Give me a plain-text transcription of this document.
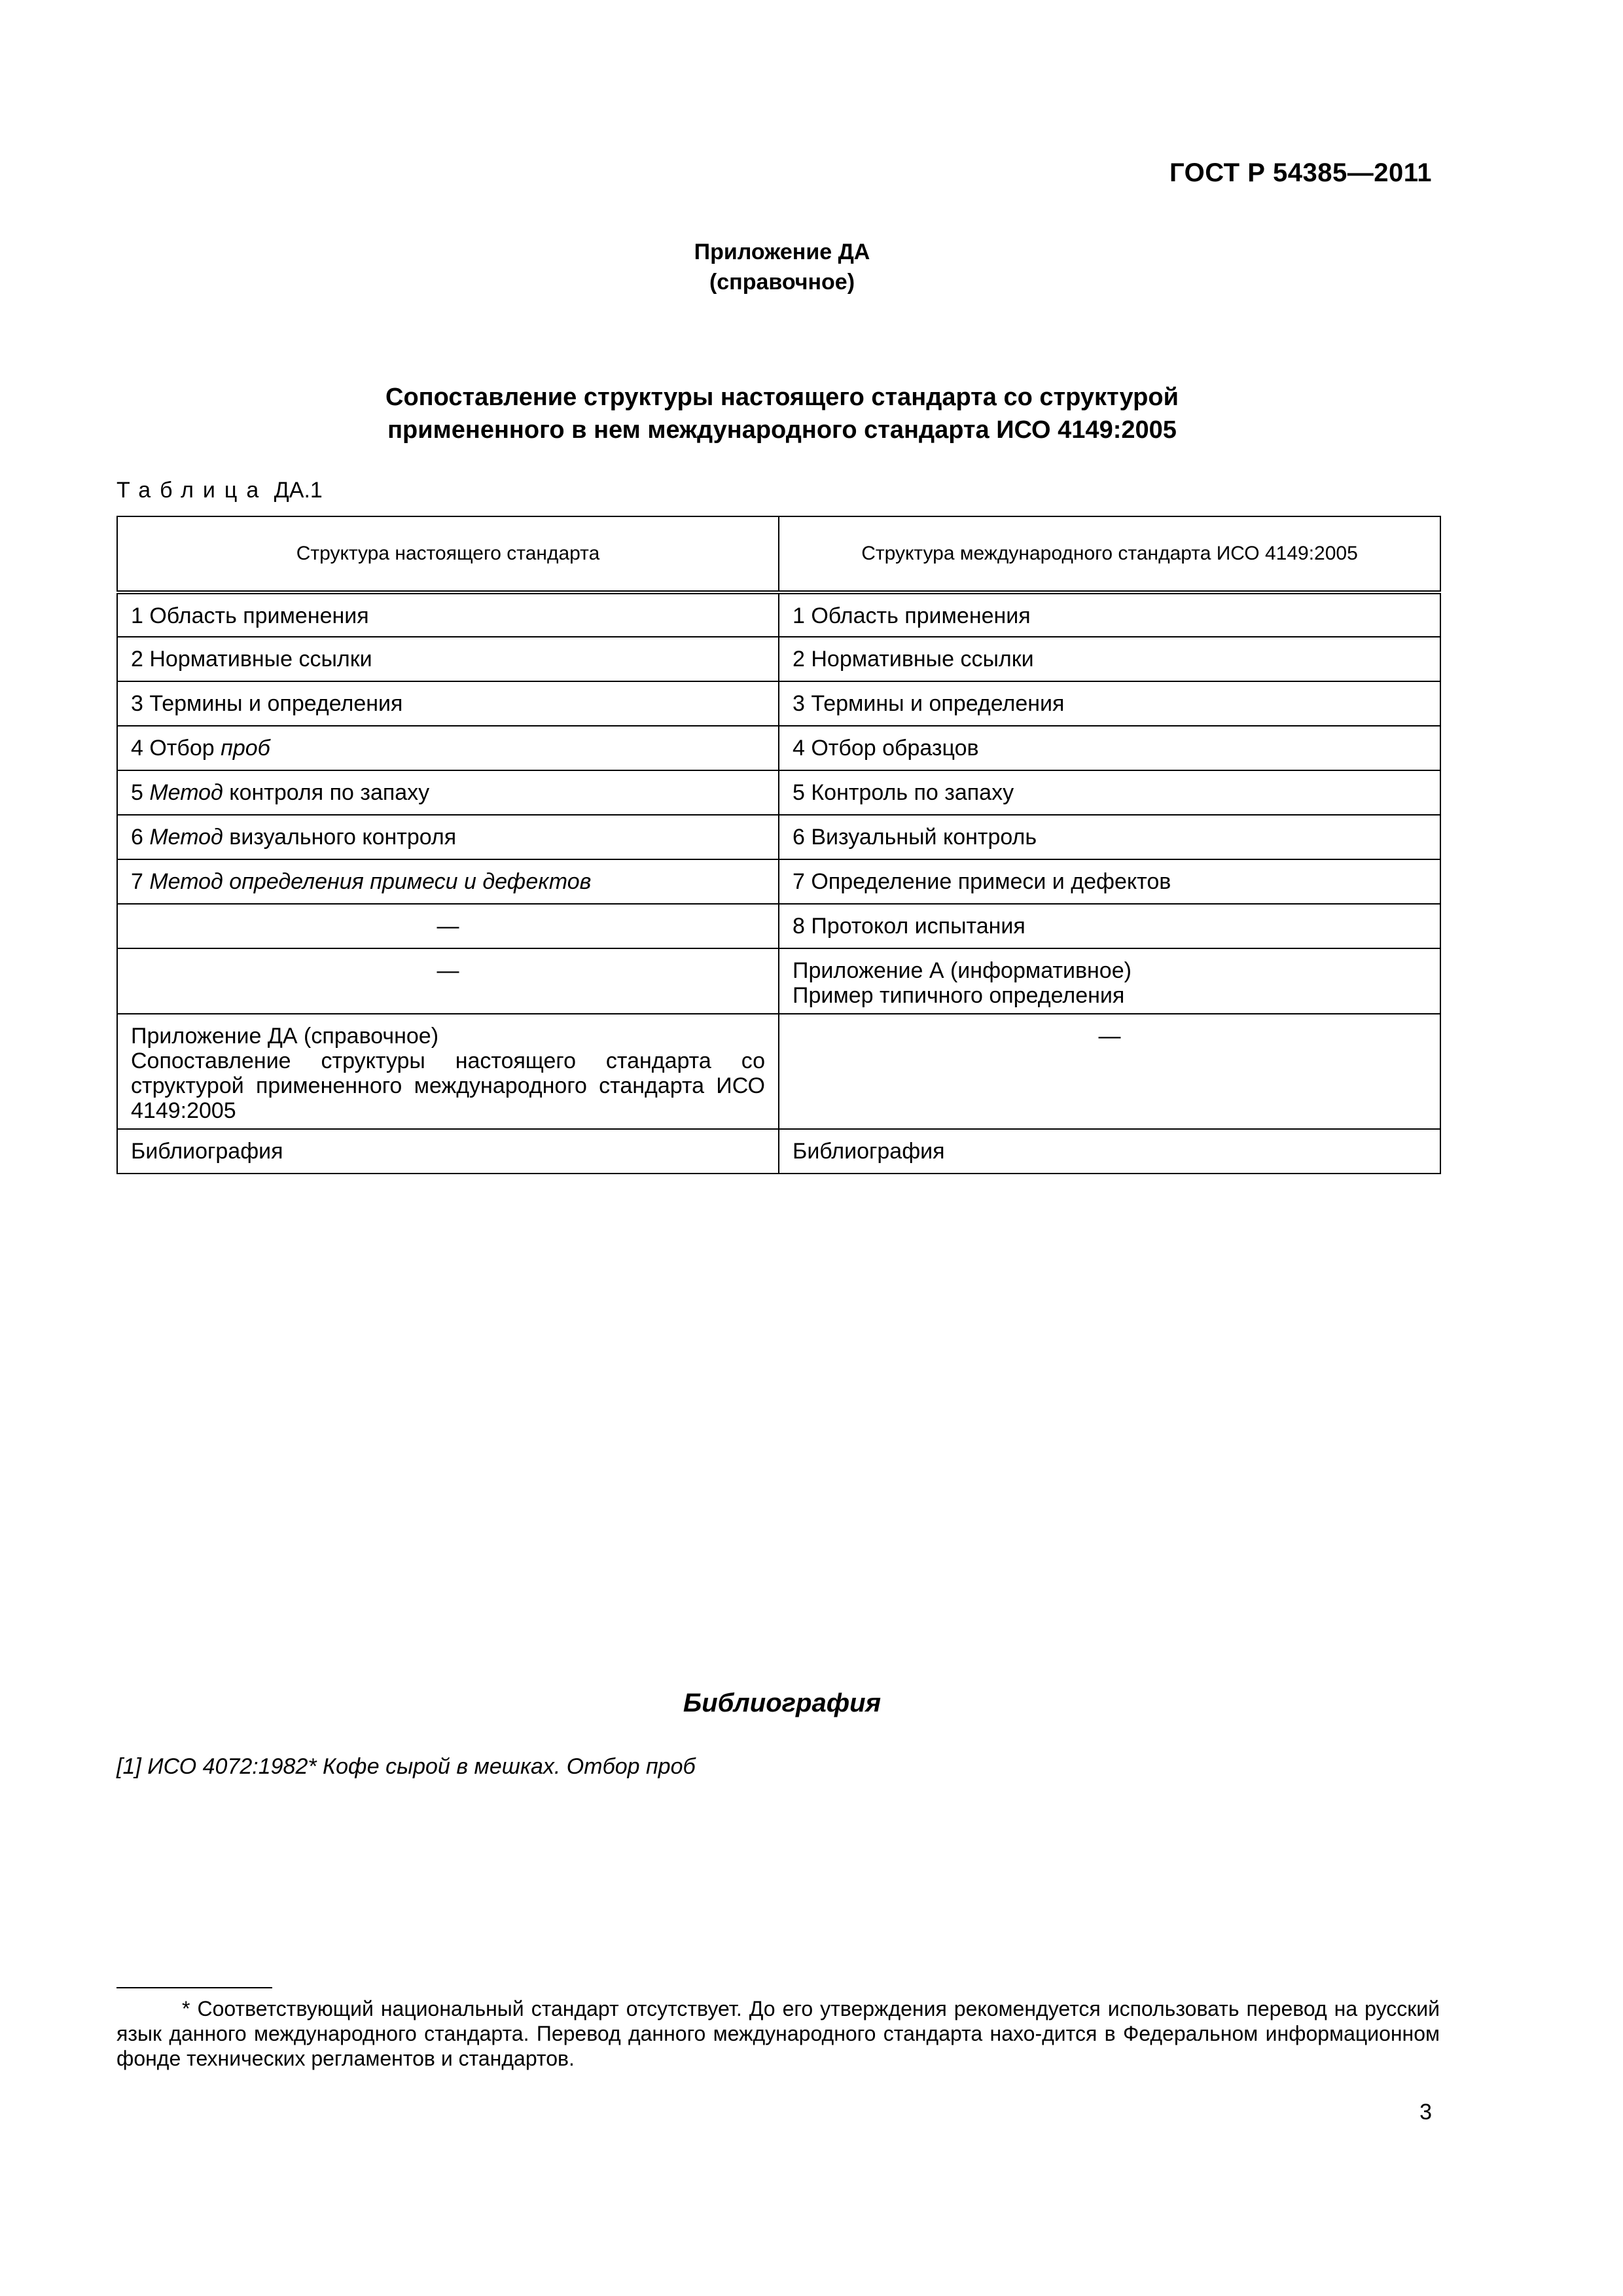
ГОСТ Р 54385—2011
Приложение ДА
(справочное)
Сопоставление структуры настоящего стандарта со структурой
примененного в нем международного стандарта ИСО 4149:2005
Таблица ДА.1
Структура настоящего стандарта	Структура международного стандарта ИСО 4149:2005
1 Область применения	1 Область применения
2 Нормативные ссылки	2 Нормативные ссылки
3 Термины и определения	3 Термины и определения
4 Отбор проб	4 Отбор образцов
5 Метод контроля по запаху	5 Контроль по запаху
6 Метод визуального контроля	6 Визуальный контроль
7 Метод определения примеси и дефектов	7 Определение примеси и дефектов
—	8 Протокол испытания
—	Приложение А (информативное)
Пример типичного определения

Приложение ДА (справочное)
Сопоставление структуры настоящего стандарта со структурой примененного международного стандарта ИСО 4149:2005	—
Библиография	Библиография
Библиография
[1] ИСО 4072:1982* Кофе сырой в мешках. Отбор проб
* Соответствующий национальный стандарт отсутствует. До его утверждения рекомендуется использовать перевод на русский язык данного международного стандарта. Перевод данного международного стандарта нахо-дится в Федеральном информационном фонде технических регламентов и стандартов.
3
